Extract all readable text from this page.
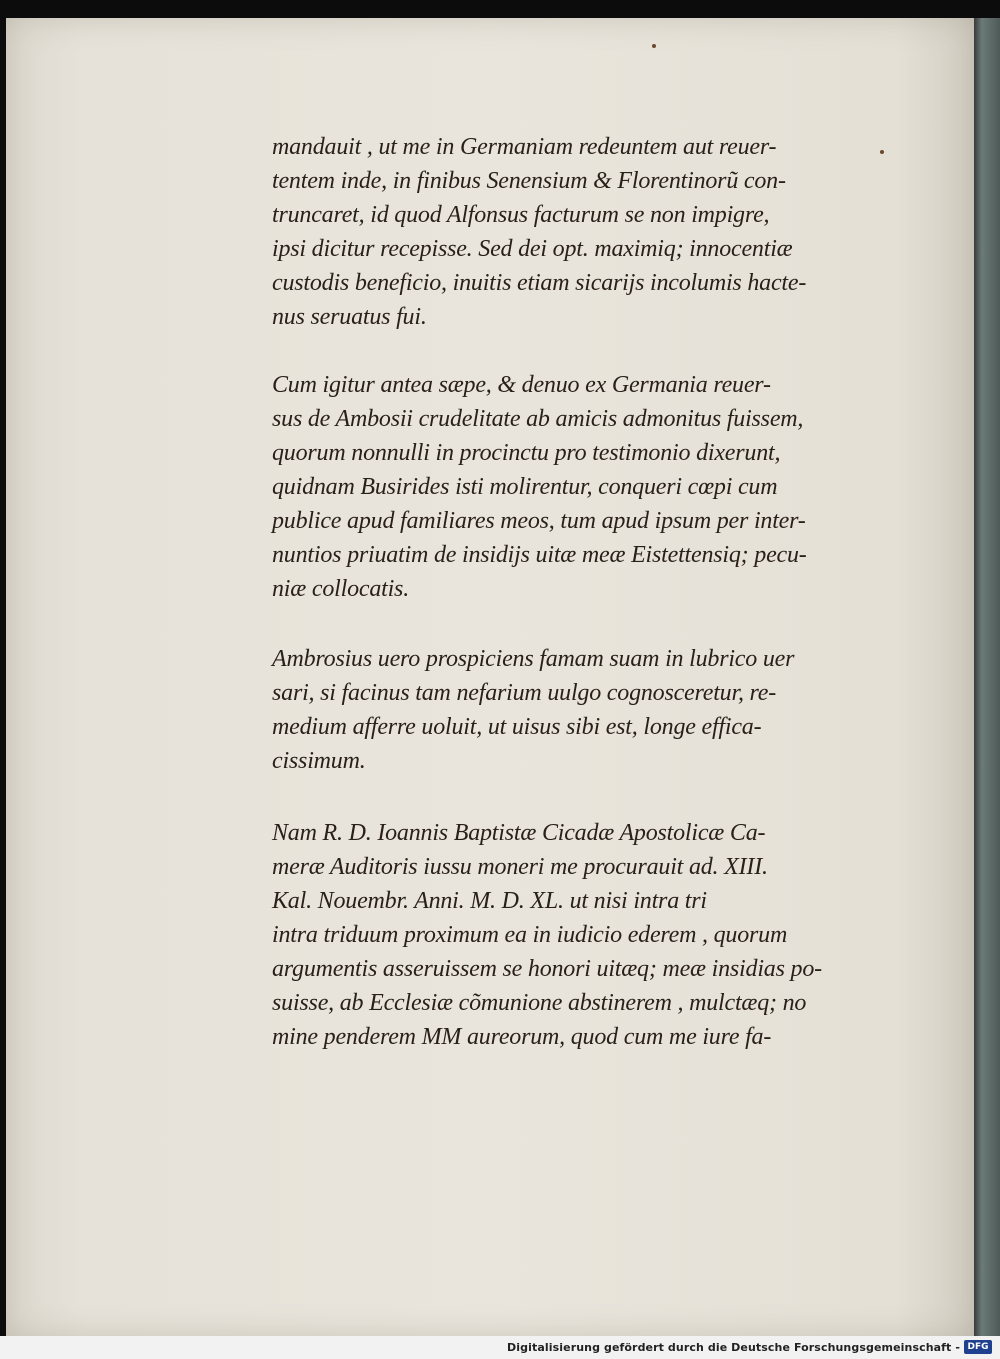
mandauit , ut me in Germaniam redeuntem aut reuer-
tentem inde, in finibus Senensium & Florentinorũ con-
truncaret, id quod Alfonsus facturum se non impigre,
ipsi dicitur recepisse. Sed dei opt. maximiq; innocentiæ
custodis beneficio, inuitis etiam sicarijs incolumis hacte-
nus seruatus fui.
Cum igitur antea sæpe, & denuo ex Germania reuer-
sus de Ambosii crudelitate ab amicis admonitus fuissem,
quorum nonnulli in procinctu pro testimonio dixerunt,
quidnam Busirides isti molirentur, conqueri cœpi cum
publice apud familiares meos, tum apud ipsum per inter-
nuntios priuatim de insidijs uitæ meæ Eistettensiq; pecu-
niæ collocatis.
Ambrosius uero prospiciens famam suam in lubrico uer
sari, si facinus tam nefarium uulgo cognosceretur, re-
medium afferre uoluit, ut uisus sibi est, longe effica-
cissimum.
Nam R. D. Ioannis Baptistæ Cicadæ Apostolicæ Ca-
meræ Auditoris iussu moneri me procurauit ad. XIII.
Kal. Nouembr. Anni. M. D. XL. ut nisi intra tri
intra triduum proximum ea in iudicio ederem , quorum
argumentis asseruissem se honori uitæq; meæ insidias po-
suisse, ab Ecclesiæ cõmunione abstinerem , mulctæq; no
mine penderem MM aureorum, quod cum me iure fa-
Digitalisierung gefördert durch die Deutsche Forschungsgemeinschaft - DFG
